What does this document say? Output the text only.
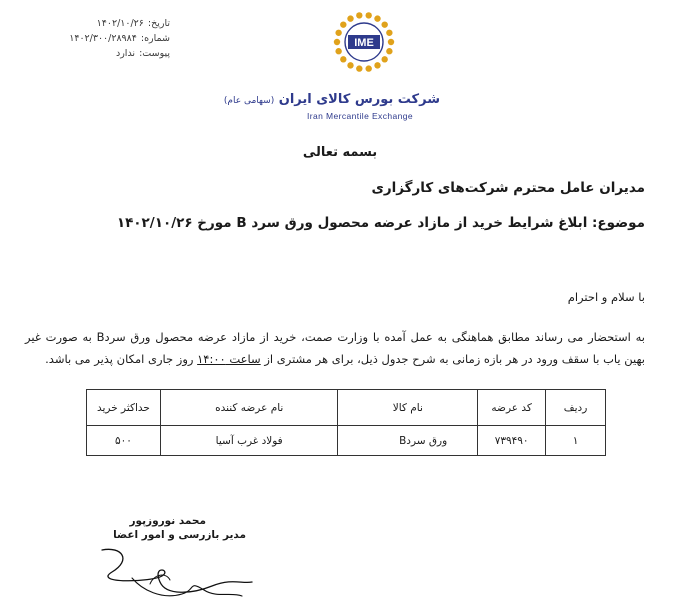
تاریخ:
۱۴۰۲/۱۰/۲۶
شماره:
۱۴۰۲/۳۰۰/۲۸۹۸۴
پیوست:
ندارد
IME
شرکت بورس کالای ایران (سهامی عام)
Iran Mercantile Exchange
بسمه تعالی
مدیران عامل محترم شرکت‌های کارگزاری
موضوع: ابلاغ شرایط خرید از مازاد عرضه محصول ورق سرد B مورخ ۱۴۰۲/۱۰/۲۶
با سلام و احترام
به استحضار می رساند مطابق هماهنگی به عمل آمده با وزارت صمت، خرید از مازاد عرضه محصول ورق سردB به صورت غیر بهین یاب با سقف ورود در هر بازه زمانی به شرح جدول ذیل، برای هر مشتری از ساعت ۱۴:۰۰ روز جاری امکان پذیر می باشد.
ردیف	کد عرضه	نام کالا	نام عرضه کننده	حداکثر خرید
۱	۷۳۹۴۹۰	ورق سردB	فولاد غرب آسیا	۵۰۰
محمد نوروزپور
مدیر بازرسی و امور اعضا
